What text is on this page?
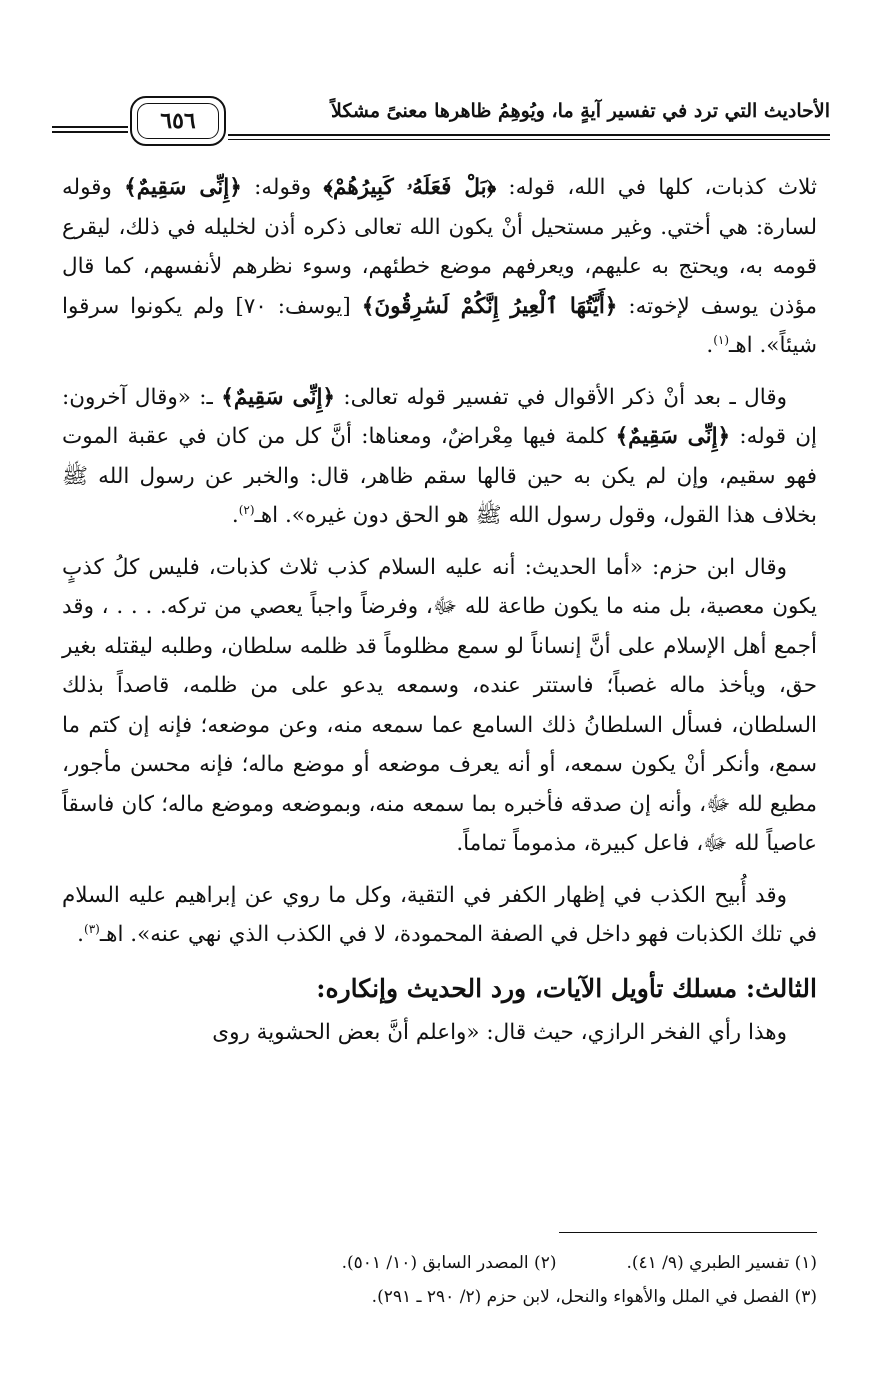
الأحاديث التي ترد في تفسير آيةٍ ما، ويُوهِمُ ظاهرها معنىً مشكلاً
٦٥٦

ثلاث كذبات، كلها في الله، قوله: ﴿بَلْ فَعَلَهُۥ كَبِيرُهُمْ﴾ وقوله: ﴿إِنِّى سَقِيمٌ﴾ وقوله لسارة: هي أختي. وغير مستحيل أنْ يكون الله تعالى ذكره أذن لخليله في ذلك، ليقرع قومه به، ويحتج به عليهم، ويعرفهم موضع خطئهم، وسوء نظرهم لأنفسهم، كما قال مؤذن يوسف لإخوته: ﴿أَيَّتُهَا ٱلْعِيرُ إِنَّكُمْ لَسَٰرِقُونَ﴾ [يوسف: ٧٠] ولم يكونوا سرقوا شيئاً». اهـ$^{(١)}$.

وقال ـ بعد أنْ ذكر الأقوال في تفسير قوله تعالى: ﴿إِنِّى سَقِيمٌ﴾ ـ: «وقال آخرون: إن قوله: ﴿إِنِّى سَقِيمٌ﴾ كلمة فيها مِعْراضٌ، ومعناها: أنَّ كل من كان في عقبة الموت فهو سقيم، وإن لم يكن به حين قالها سقم ظاهر، قال: والخبر عن رسول الله ﷺ بخلاف هذا القول، وقول رسول الله ﷺ هو الحق دون غيره». اهـ$^{(٢)}$.

وقال ابن حزم: «أما الحديث: أنه عليه السلام كذب ثلاث كذبات، فليس كلُ كذبٍ يكون معصية، بل منه ما يكون طاعة لله ﷻ، وفرضاً واجباً يعصي من تركه. . . . ، وقد أجمع أهل الإسلام على أنَّ إنساناً لو سمع مظلوماً قد ظلمه سلطان، وطلبه ليقتله بغير حق، ويأخذ ماله غصباً؛ فاستتر عنده، وسمعه يدعو على من ظلمه، قاصداً بذلك السلطان، فسأل السلطانُ ذلك السامع عما سمعه منه، وعن موضعه؛ فإنه إن كتم ما سمع، وأنكر أنْ يكون سمعه، أو أنه يعرف موضعه أو موضع ماله؛ فإنه محسن مأجور، مطيع لله ﷻ، وأنه إن صدقه فأخبره بما سمعه منه، وبموضعه وموضع ماله؛ كان فاسقاً عاصياً لله ﷻ، فاعل كبيرة، مذموماً تماماً.

وقد أُبيح الكذب في إظهار الكفر في التقية، وكل ما روي عن إبراهيم عليه السلام في تلك الكذبات فهو داخل في الصفة المحمودة، لا في الكذب الذي نهي عنه». اهـ$^{(٣)}$.

الثالث: مسلك تأويل الآيات، ورد الحديث وإنكاره:

وهذا رأي الفخر الرازي، حيث قال: «واعلم أنَّ بعض الحشوية روى

(١) تفسير الطبري (٩/ ٤١).
(٢) المصدر السابق (١٠/ ٥٠١).
(٣) الفصل في الملل والأهواء والنحل، لابن حزم (٢/ ٢٩٠ ـ ٢٩١).
